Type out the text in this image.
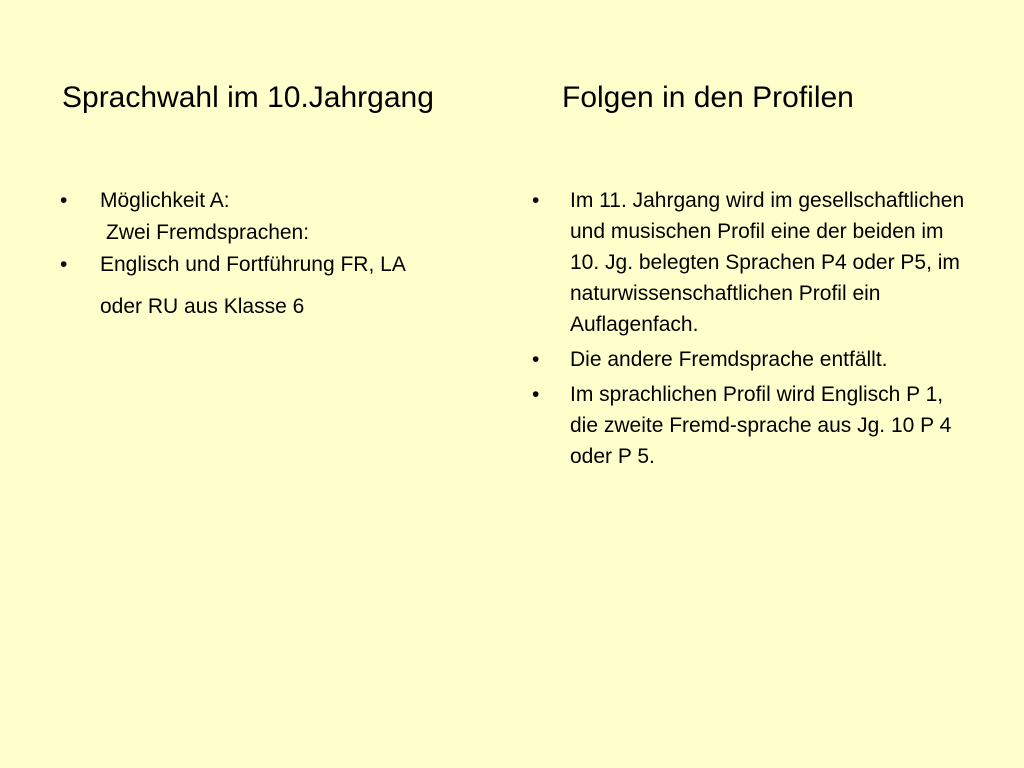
Sprachwahl im 10.Jahrgang	Folgen in den Profilen
• Möglichkeit A:
Zwei Fremdsprachen:
• Englisch und Fortführung FR, LA
oder RU aus Klasse 6
• Im 11. Jahrgang wird im gesellschaftlichen und musischen Profil eine der beiden im 10. Jg. belegten Sprachen P4 oder P5, im naturwissenschaftlichen Profil ein Auflagenfach.
• Die andere Fremdsprache entfällt.
• Im sprachlichen Profil wird Englisch P 1, die zweite Fremd-sprache aus Jg. 10 P 4 oder P 5.
